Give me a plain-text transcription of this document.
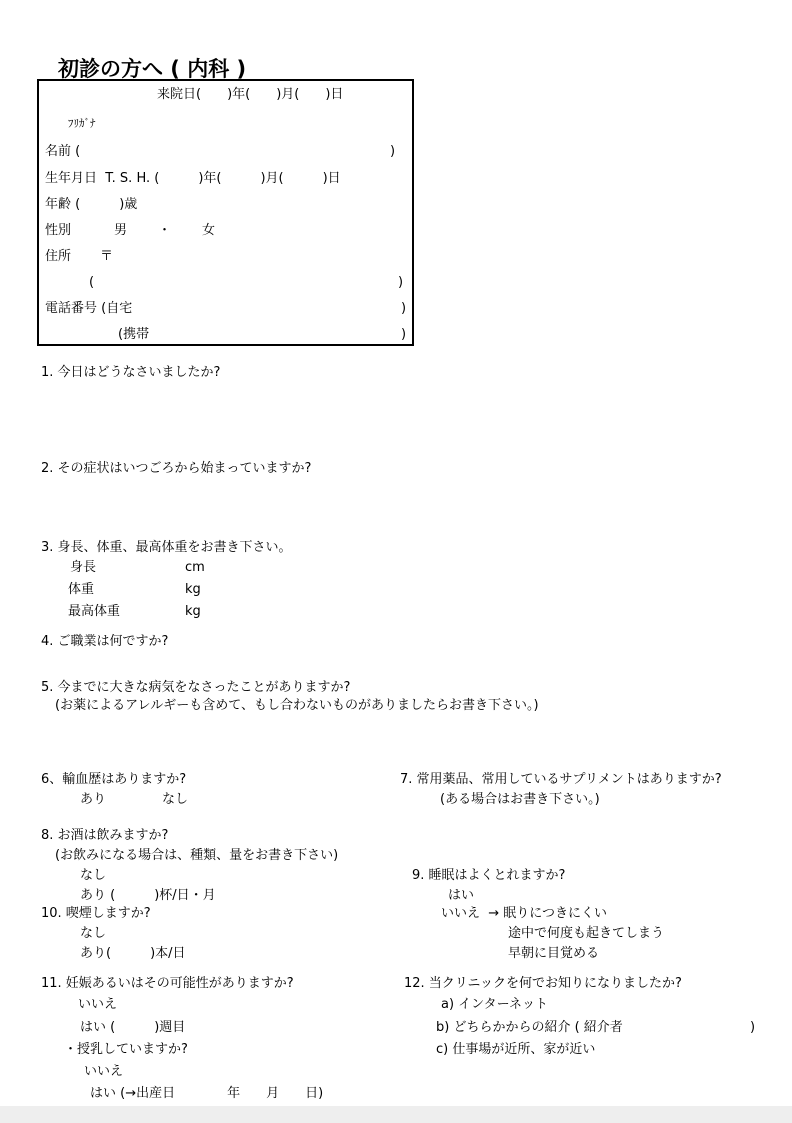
初診の方へ ( 内科 )
来院日(　　)年(　　)月(　　)日
ﾌﾘｶﾞﾅ
名前 (	)
生年月日  T. S. H. (　　　)年(　　　)月(　　　)日
年齢 (　　　)歳
性別	男 ・ 女
住所 〒
(	)
電話番号 (自宅	)
(携帯	)
1. 今日はどうなさいましたか?
2. その症状はいつごろから始まっていますか?
3. 身長、体重、最高体重をお書き下さい。
身長	cm
体重	kg
最高体重	kg
4. ご職業は何ですか?
5. 今までに大きな病気をなさったことがありますか?
(お薬によるアレルギーも含めて、もし合わないものがありましたらお書き下さい。)
6、輸血歴はありますか?
あり	なし
7. 常用薬品、常用しているサプリメントはありますか?
(ある場合はお書き下さい。)
8. お酒は飲みますか?
(お飲みになる場合は、種類、量をお書き下さい)
なし
あり (　　　)杯/日・月
9. 睡眠はよくとれますか?
はい
いいえ  → 眠りにつきにくい
途中で何度も起きてしまう
早朝に目覚める
10. 喫煙しますか?
なし
あり(　　　)本/日
11. 妊娠あるいはその可能性がありますか?
いいえ
はい (　　　)週目
・授乳していますか?
いいえ
はい (→出産日　　　　年　　月　　日)
12. 当クリニックを何でお知りになりましたか?
a) インターネット
b) どちらかからの紹介 ( 紹介者	)
c) 仕事場が近所、家が近い
